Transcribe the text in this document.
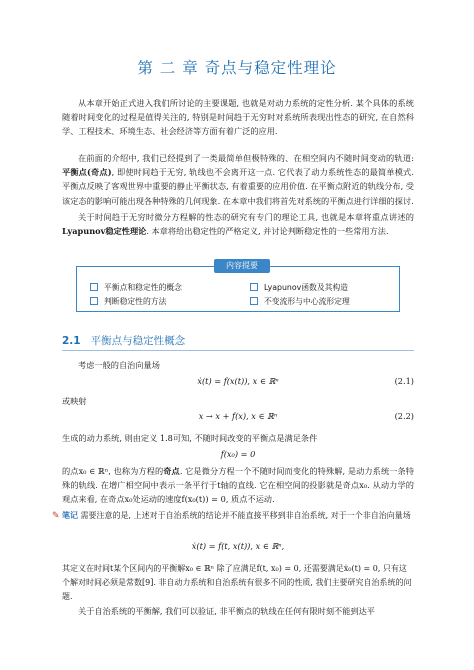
第 二 章 奇点与稳定性理论

从本章开始正式进入我们所讨论的主要课题, 也就是对动力系统的定性分析. 某个具体的系统随着时间变化的过程是值得关注的, 特别是时间趋于无穷时对系统所表现出性态的研究, 在自然科学、工程技术、环境生态、社会经济等方面有着广泛的应用.

在前面的介绍中, 我们已经提到了一类最简单但极特殊的、在相空间内不随时间变动的轨道: 平衡点(奇点), 即使时间趋于无穷, 轨线也不会离开这一点. 它代表了动力系统性态的最简单模式. 平衡点反映了客观世界中重要的静止平衡状态, 有着重要的应用价值. 在平衡点附近的轨线分布, 受该定态的影响可能出现各种特殊的几何现象. 在本章中我们将首先对系统的平衡点进行详细的探讨.

关于时间趋于无穷时微分方程解的性态的研究有专门的理论工具, 也就是本章将重点讲述的Lyapunov稳定性理论. 本章将给出稳定性的严格定义, 并讨论判断稳定性的一些常用方法.

内容提要
平衡点和稳定性的概念	Lyapunov函数及其构造
判断稳定性的方法	不变流形与中心流形定理
2.1 平衡点与稳定性概念
考虑一般的自治向量场
ẋ(t) = f(x(t)), x ∈ ℝⁿ	(2.1)
或映射
x → x + f(x), x ∈ ℝⁿ	(2.2)
生成的动力系统, 则由定义 1.8可知, 不随时间改变的平衡点是满足条件
f(x₀) = 0
的点x₀ ∈ ℝⁿ, 也称为方程的奇点. 它是微分方程一个不随时间而变化的特殊解, 是动力系统一条特殊的轨线. 在增广相空间中表示一条平行于t轴的直线. 它在相空间的投影就是奇点x₀. 从动力学的观点来看, 在奇点x₀处运动的速度f(x₀(t)) = 0, 质点不运动.
✎ 笔记 需要注意的是, 上述对于自治系统的结论并不能直接平移到非自治系统, 对于一个非自治向量场
ẋ(t) = f(t, x(t)), x ∈ ℝⁿ,
其定义在时间t某个区间内的平衡解x₀ ∈ ℝⁿ 除了应满足f(t, x₀) = 0, 还需要满足ẋ₀(t) = 0, 只有这个解对时间必须是常数[9]. 非自动力系统和自治系统有很多不同的性质, 我们主要研究自治系统的问题.
关于自治系统的平衡解, 我们可以验证, 非平衡点的轨线在任何有限时刻不能到达平
